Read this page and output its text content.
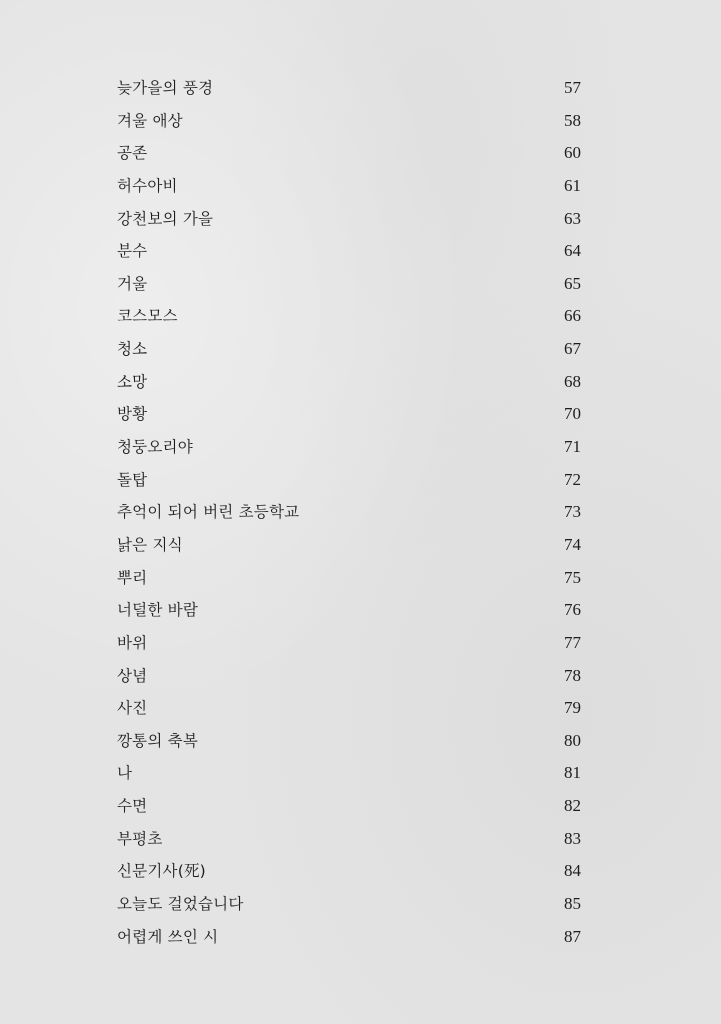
늦가을의 풍경	57
겨울 애상	58
공존	60
허수아비	61
강천보의 가을	63
분수	64
거울	65
코스모스	66
청소	67
소망	68
방황	70
청둥오리야	71
돌탑	72
추억이 되어 버린 초등학교	73
낡은 지식	74
뿌리	75
너덜한 바람	76
바위	77
상념	78
사진	79
깡통의 축복	80
나	81
수면	82
부평초	83
신문기사(死)	84
오늘도 걸었습니다	85
어렵게 쓰인 시	87
